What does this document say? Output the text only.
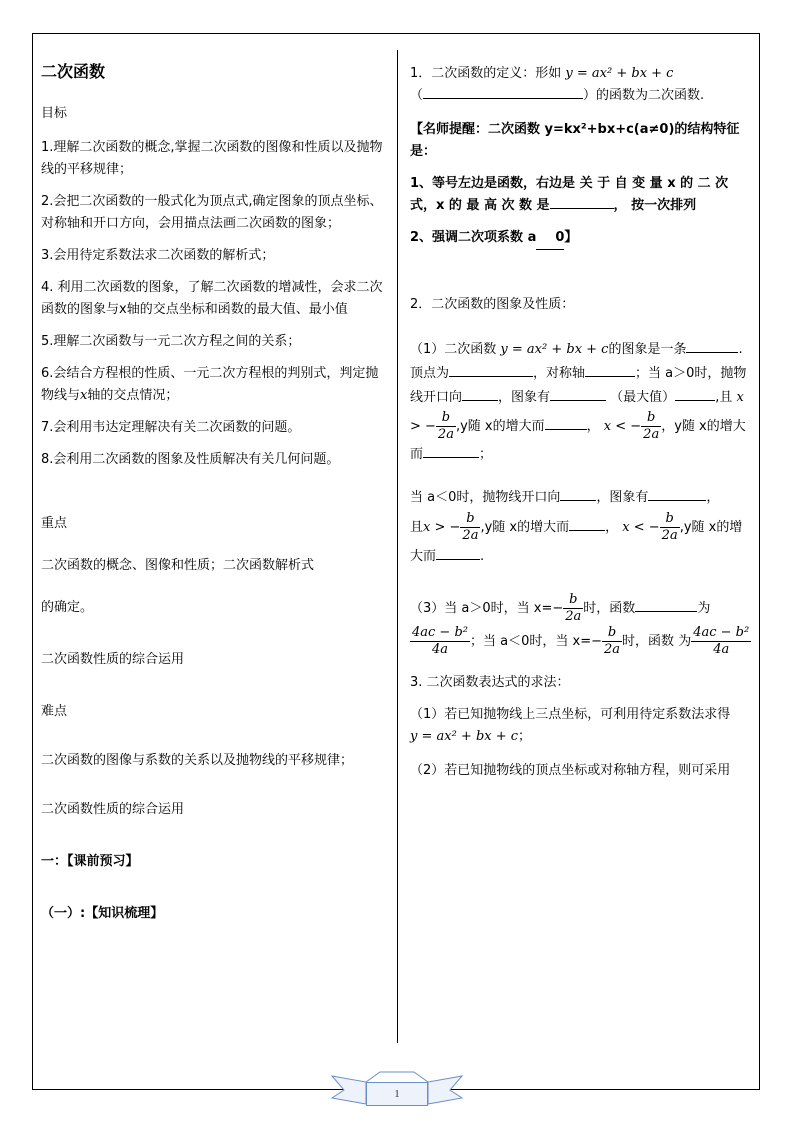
二次函数

目标

1.理解二次函数的概念,掌握二次函数的图像和性质以及抛物线的平移规律；

2.会把二次函数的一般式化为顶点式,确定图象的顶点坐标、对称轴和开口方向，会用描点法画二次函数的图象；

3.会用待定系数法求二次函数的解析式；

4. 利用二次函数的图象，了解二次函数的增减性，会求二次函数的图象与x轴的交点坐标和函数的最大值、最小值

5.理解二次函数与一元二次方程之间的关系；

6.会结合方程根的性质、一元二次方程根的判别式，判定抛物线与x轴的交点情况；

7.会利用韦达定理解决有关二次函数的问题。

8.会利用二次函数的图象及性质解决有关几何问题。

重点

二次函数的概念、图像和性质；二次函数解析式

的确定。

二次函数性质的综合运用

难点

二次函数的图像与系数的关系以及抛物线的平移规律；

二次函数性质的综合运用

一：【课前预习】

（一）:【知识梳理】

1．二次函数的定义：形如 y = ax² + bx + c
（	）的函数为二次函数.

【名师提醒：二次函数 y=kx²+bx+c(a≠0)的结构特征是：

1、等号左边是函数，右边是 关 于 自 变 量 x 的 二 次 式，x 的 最 高 次 数 是	， 按一次排列

2、强调二次项系数 a 0】

2．二次函数的图象及性质：

（1）二次函数 y = ax² + bx + c的图象是一条	.顶点为	，对称轴	；当 a＞0时，抛物线开口向	，图象有	（最大值）	,且 x > − $\frac{b}{2a} ,y$随 x的增大而	， x < − $\frac{b}{2a}$ ，y随 x的增大而	；

当 a＜0时，抛物线开口向	，图象有	，
且x > − $\frac{b}{2a} ,y$随 x的增大而	， x < − $\frac{b}{2a} ,y$随 x的增大而	.

（3）当 a＞0时，当 $x=- \frac{b}{2a}$ 时，函数	为
$\frac{\text{4ac − b²}}{4a}$ ；当 a＜0时，当 $x=- \frac{b}{2a}$ 时，函数 为 $\frac{\text{4ac − b²}}{4a}$

3. 二次函数表达式的求法：

（1）若已知抛物线上三点坐标，可利用待定系数法求得
y = ax² + bx + c；

（2）若已知抛物线的顶点坐标或对称轴方程，则可采用

1
